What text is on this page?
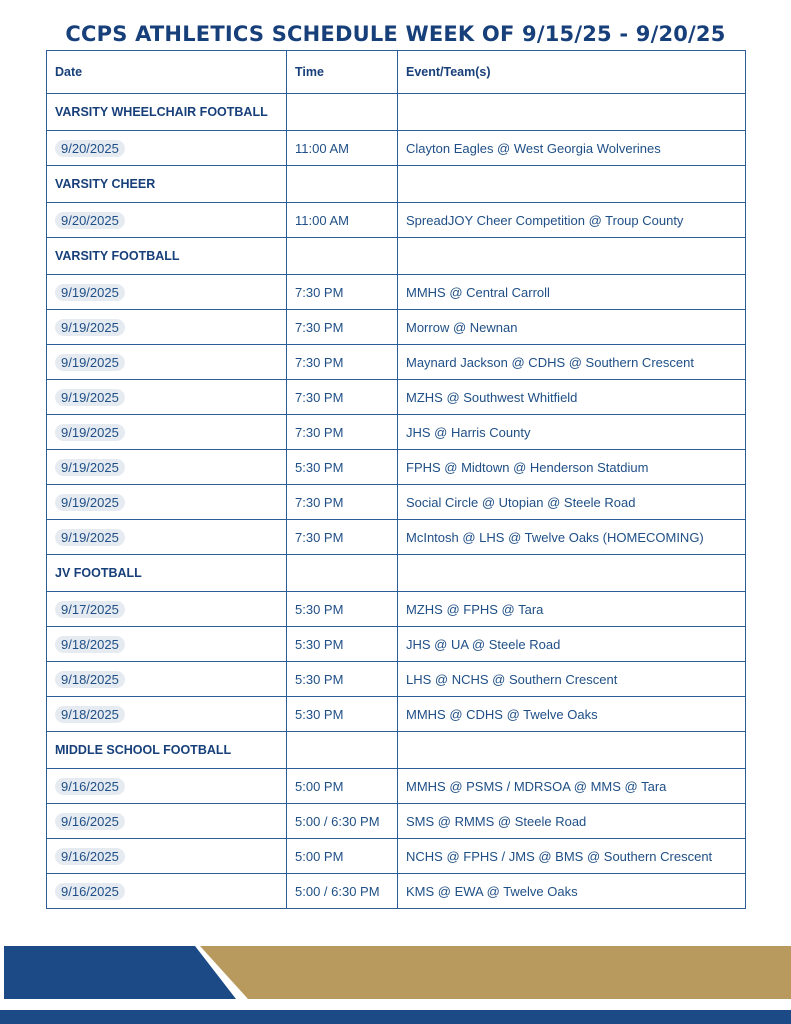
CCPS ATHLETICS SCHEDULE WEEK OF 9/15/25 - 9/20/25
Date	Time	Event/Team(s)
VARSITY WHEELCHAIR FOOTBALL		
9/20/2025	11:00 AM	Clayton Eagles @ West Georgia Wolverines
VARSITY CHEER		
9/20/2025	11:00 AM	SpreadJOY Cheer Competition @ Troup County
VARSITY FOOTBALL		
9/19/2025	7:30 PM	MMHS @ Central Carroll
9/19/2025	7:30 PM	Morrow @ Newnan
9/19/2025	7:30 PM	Maynard Jackson @ CDHS @ Southern Crescent
9/19/2025	7:30 PM	MZHS @ Southwest Whitfield
9/19/2025	7:30 PM	JHS @ Harris County
9/19/2025	5:30 PM	FPHS @ Midtown @ Henderson Statdium
9/19/2025	7:30 PM	Social Circle @ Utopian @ Steele Road
9/19/2025	7:30 PM	McIntosh @ LHS @ Twelve Oaks (HOMECOMING)
JV FOOTBALL		
9/17/2025	5:30 PM	MZHS @ FPHS @ Tara
9/18/2025	5:30 PM	JHS @ UA @ Steele Road
9/18/2025	5:30 PM	LHS @ NCHS @ Southern Crescent
9/18/2025	5:30 PM	MMHS @ CDHS @ Twelve Oaks
MIDDLE SCHOOL FOOTBALL		
9/16/2025	5:00 PM	MMHS @ PSMS / MDRSOA @ MMS @ Tara
9/16/2025	5:00 / 6:30 PM	SMS @ RMMS @ Steele Road
9/16/2025	5:00 PM	NCHS @ FPHS / JMS @ BMS @ Southern Crescent
9/16/2025	5:00 / 6:30 PM	KMS @ EWA @ Twelve Oaks
